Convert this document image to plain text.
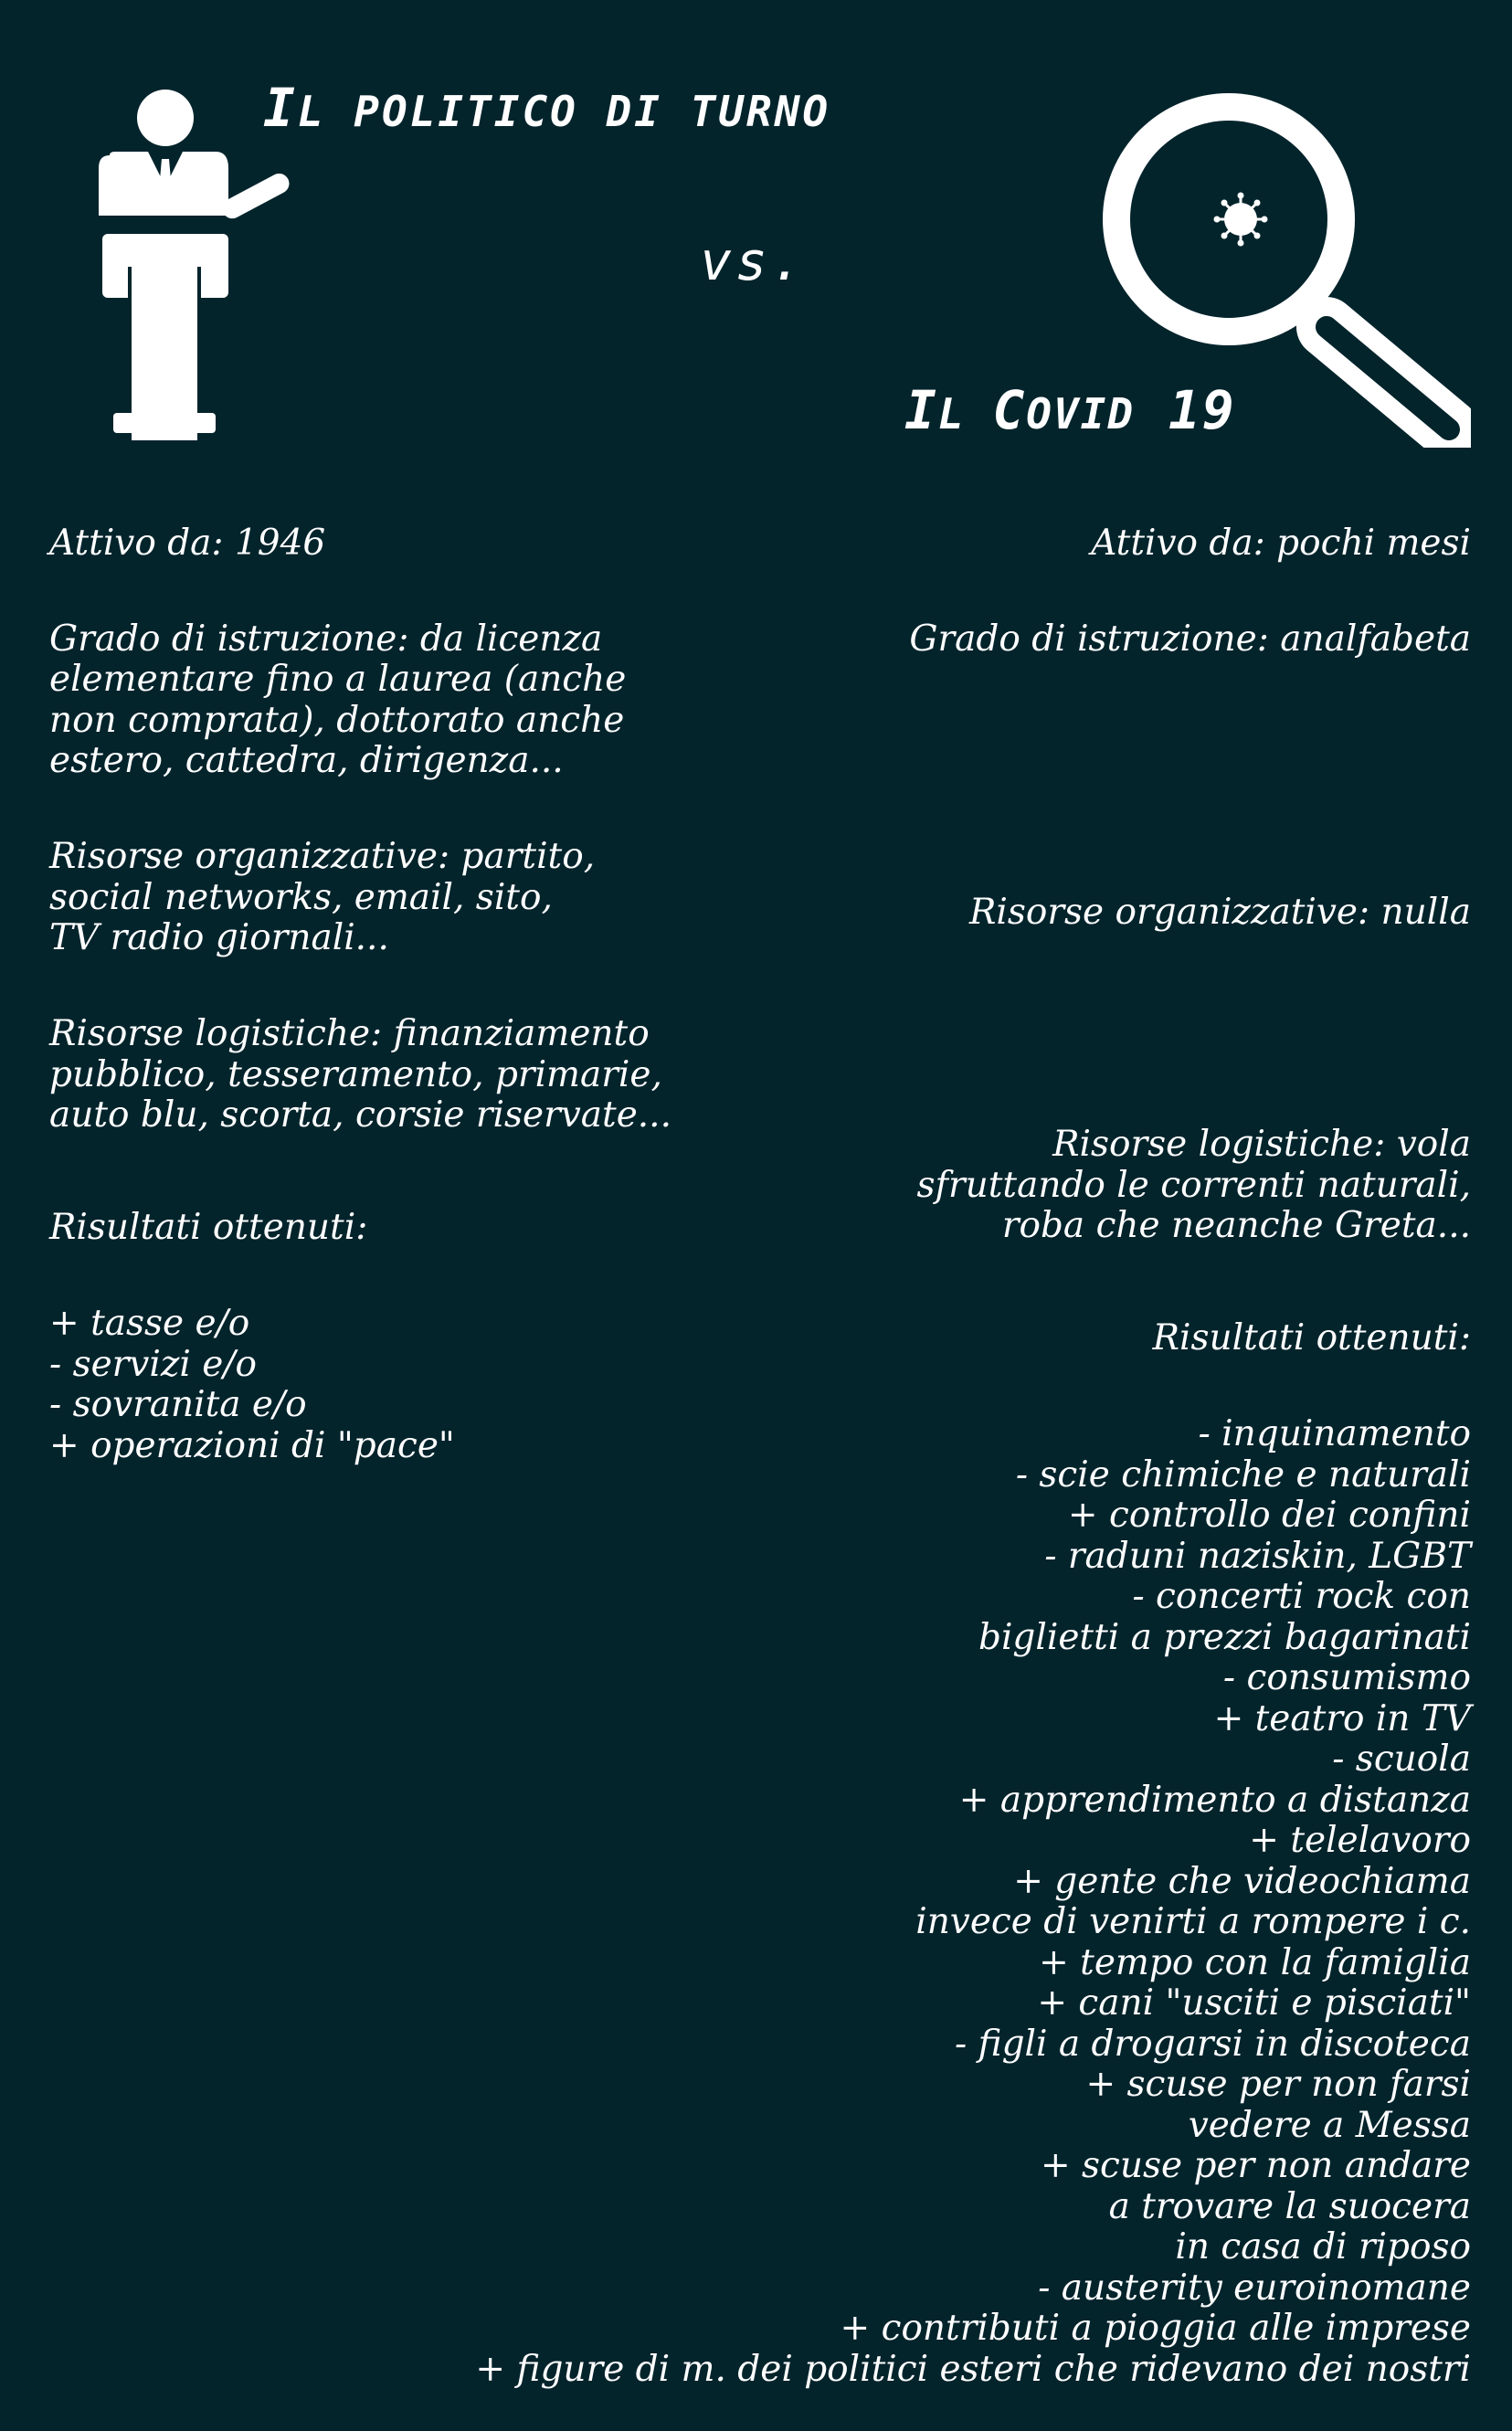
IL POLITICO DI TURNO
vs.
IL COVID 19

Attivo da: 1946

Grado di istruzione: da licenza
elementare fino a laurea (anche
non comprata), dottorato anche
estero, cattedra, dirigenza...

Risorse organizzative: partito,
social networks, email, sito,
TV radio giornali...

Risorse logistiche: finanziamento
pubblico, tesseramento, primarie,
auto blu, scorta, corsie riservate...

Risultati ottenuti:

+ tasse e/o
- servizi e/o
- sovranita e/o
+ operazioni di "pace"

Attivo da: pochi mesi

Grado di istruzione: analfabeta

Risorse organizzative: nulla

Risorse logistiche: vola
sfruttando le correnti naturali,
roba che neanche Greta...

Risultati ottenuti:

- inquinamento
- scie chimiche e naturali
+ controllo dei confini
- raduni naziskin, LGBT
- concerti rock con
biglietti a prezzi bagarinati
- consumismo
+ teatro in TV
- scuola
+ apprendimento a distanza
+ telelavoro
+ gente che videochiama
invece di venirti a rompere i c.
+ tempo con la famiglia
+ cani "usciti e pisciati"
- figli a drogarsi in discoteca
+ scuse per non farsi
vedere a Messa
+ scuse per non andare
a trovare la suocera
in casa di riposo
- austerity euroinomane
+ contributi a pioggia alle imprese
+ figure di m. dei politici esteri che ridevano dei nostri
